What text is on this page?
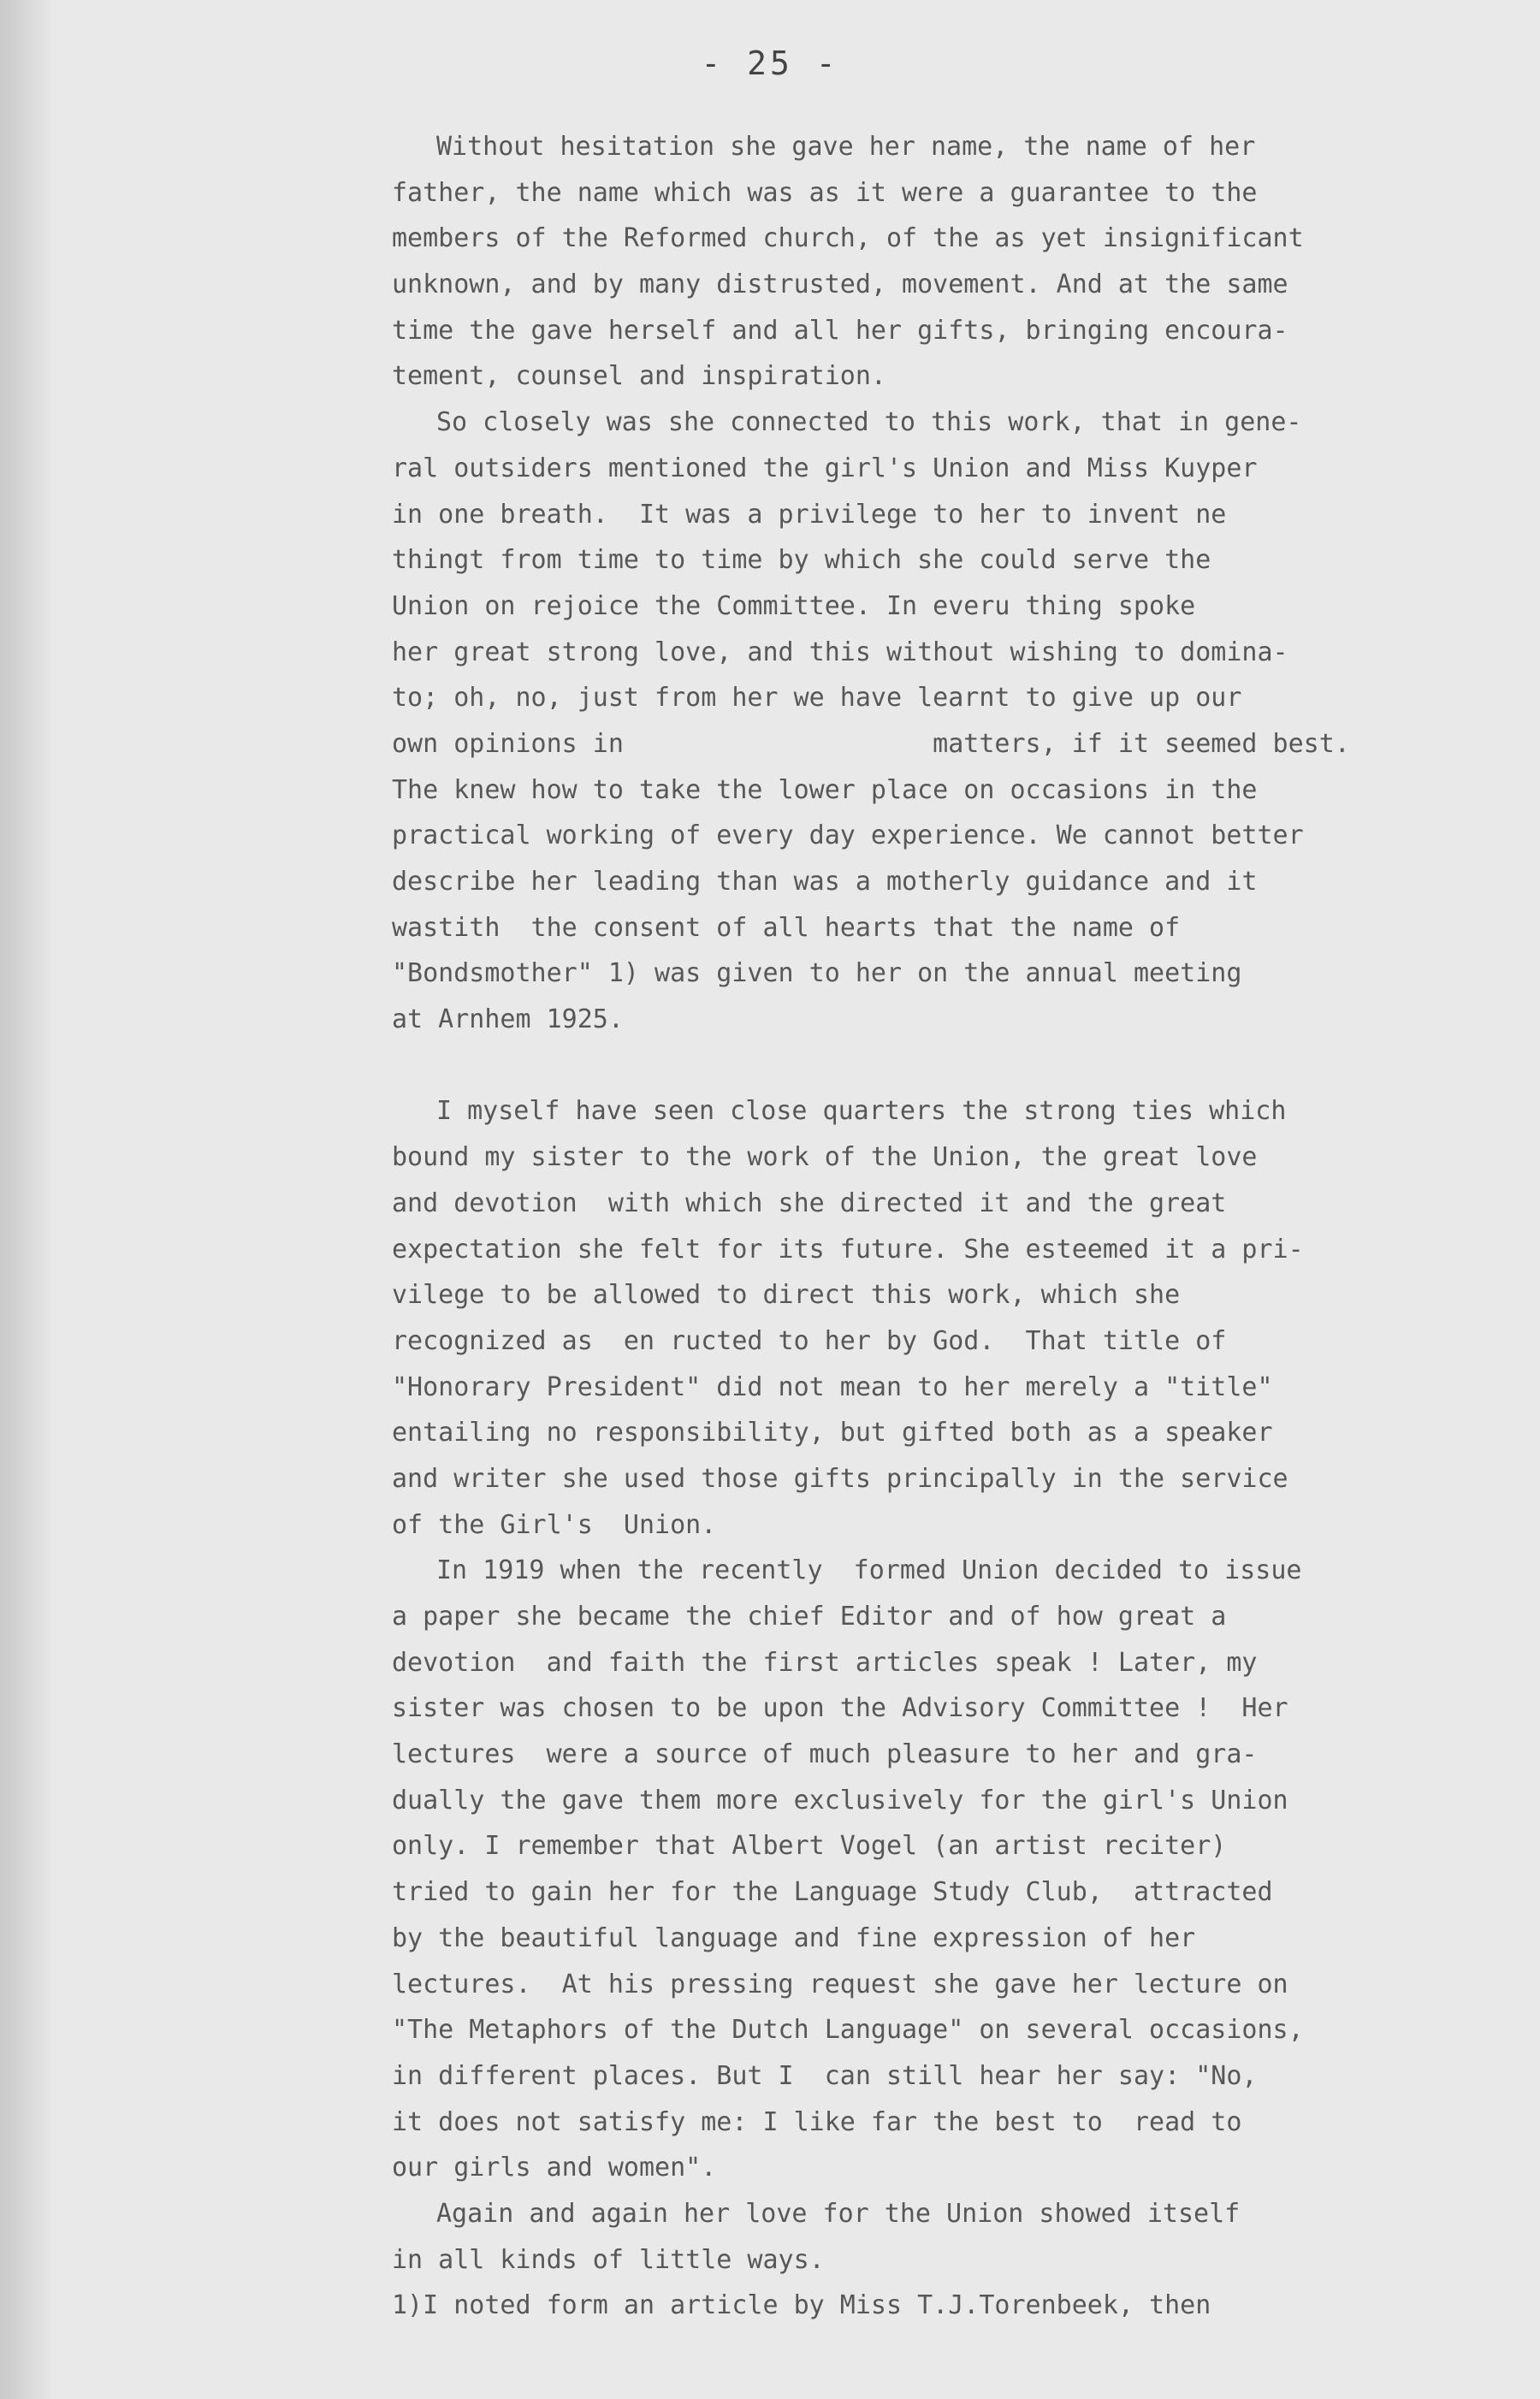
- 25 -
Without hesitation she gave her name, the name of her
father, the name which was as it were a guarantee to the
members of the Reformed church, of the as yet insignificant
unknown, and by many distrusted, movement. And at the same
time the gave herself and all her gifts, bringing encoura-
tement, counsel and inspiration.
So closely was she connected to this work, that in gene-
ral outsiders mentioned the girl's Union and Miss Kuyper
in one breath.  It was a privilege to her to invent ne
thingt from time to time by which she could serve the
Union on rejoice the Committee. In everu thing spoke
her great strong love, and this without wishing to domina-
to; oh, no, just from her we have learnt to give up our
own opinions in                    matters, if it seemed best.
The knew how to take the lower place on occasions in the
practical working of every day experience. We cannot better
describe her leading than was a motherly guidance and it
wastith  the consent of all hearts that the name of
"Bondsmother" 1) was given to her on the annual meeting
at Arnhem 1925.
I myself have seen close quarters the strong ties which
bound my sister to the work of the Union, the great love
and devotion  with which she directed it and the great
expectation she felt for its future. She esteemed it a pri-
vilege to be allowed to direct this work, which she
recognized as  en ructed to her by God.  That title of
"Honorary President" did not mean to her merely a "title"
entailing no responsibility, but gifted both as a speaker
and writer she used those gifts principally in the service
of the Girl's  Union.
In 1919 when the recently  formed Union decided to issue
a paper she became the chief Editor and of how great a
devotion  and faith the first articles speak ! Later, my
sister was chosen to be upon the Advisory Committee !  Her
lectures  were a source of much pleasure to her and gra-
dually the gave them more exclusively for the girl's Union
only. I remember that Albert Vogel (an artist reciter)
tried to gain her for the Language Study Club,  attracted
by the beautiful language and fine expression of her
lectures.  At his pressing request she gave her lecture on
"The Metaphors of the Dutch Language" on several occasions,
in different places. But I  can still hear her say: "No,
it does not satisfy me: I like far the best to  read to
our girls and women".
Again and again her love for the Union showed itself
in all kinds of little ways.
1)I noted form an article by Miss T.J.Torenbeek, then
